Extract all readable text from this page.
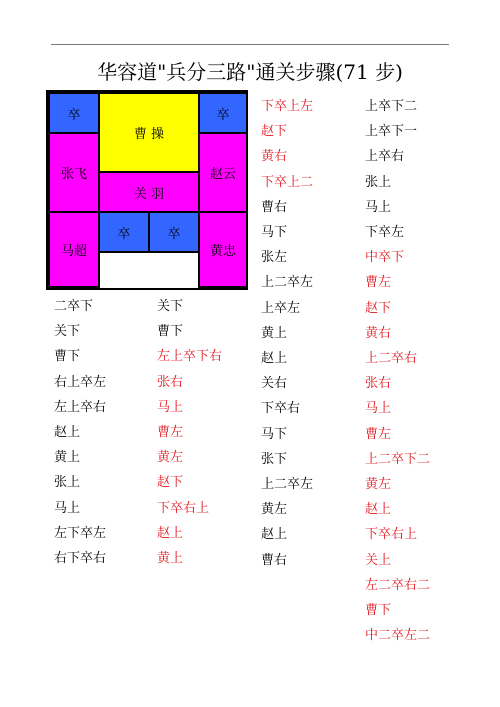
华容道"兵分三路"通关步骤(71 步)
卒
曹 操
卒
张飞	赵云
关 羽
卒	卒
马超	黄忠
二卒下
关下
曹下
右上卒左
左上卒右
赵上
黄上
张上
马上
左下卒左
右下卒右
关下
曹下
左上卒下右
张右
马上
曹左
黄左
赵下
下卒右上
赵上
黄上
下卒上左
赵下
黄右
下卒上二
曹右
马下
张左
上二卒左
上卒左
黄上
赵上
关右
下卒右
马下
张下
上二卒左
黄左
赵上
曹右
上卒下二
上卒下一
上卒右
张上
马上
下卒左
中卒下
曹左
赵下
黄右
上二卒右
张右
马上
曹左
上二卒下二
黄左
赵上
下卒右上
关上
左二卒右二
曹下
中二卒左二
